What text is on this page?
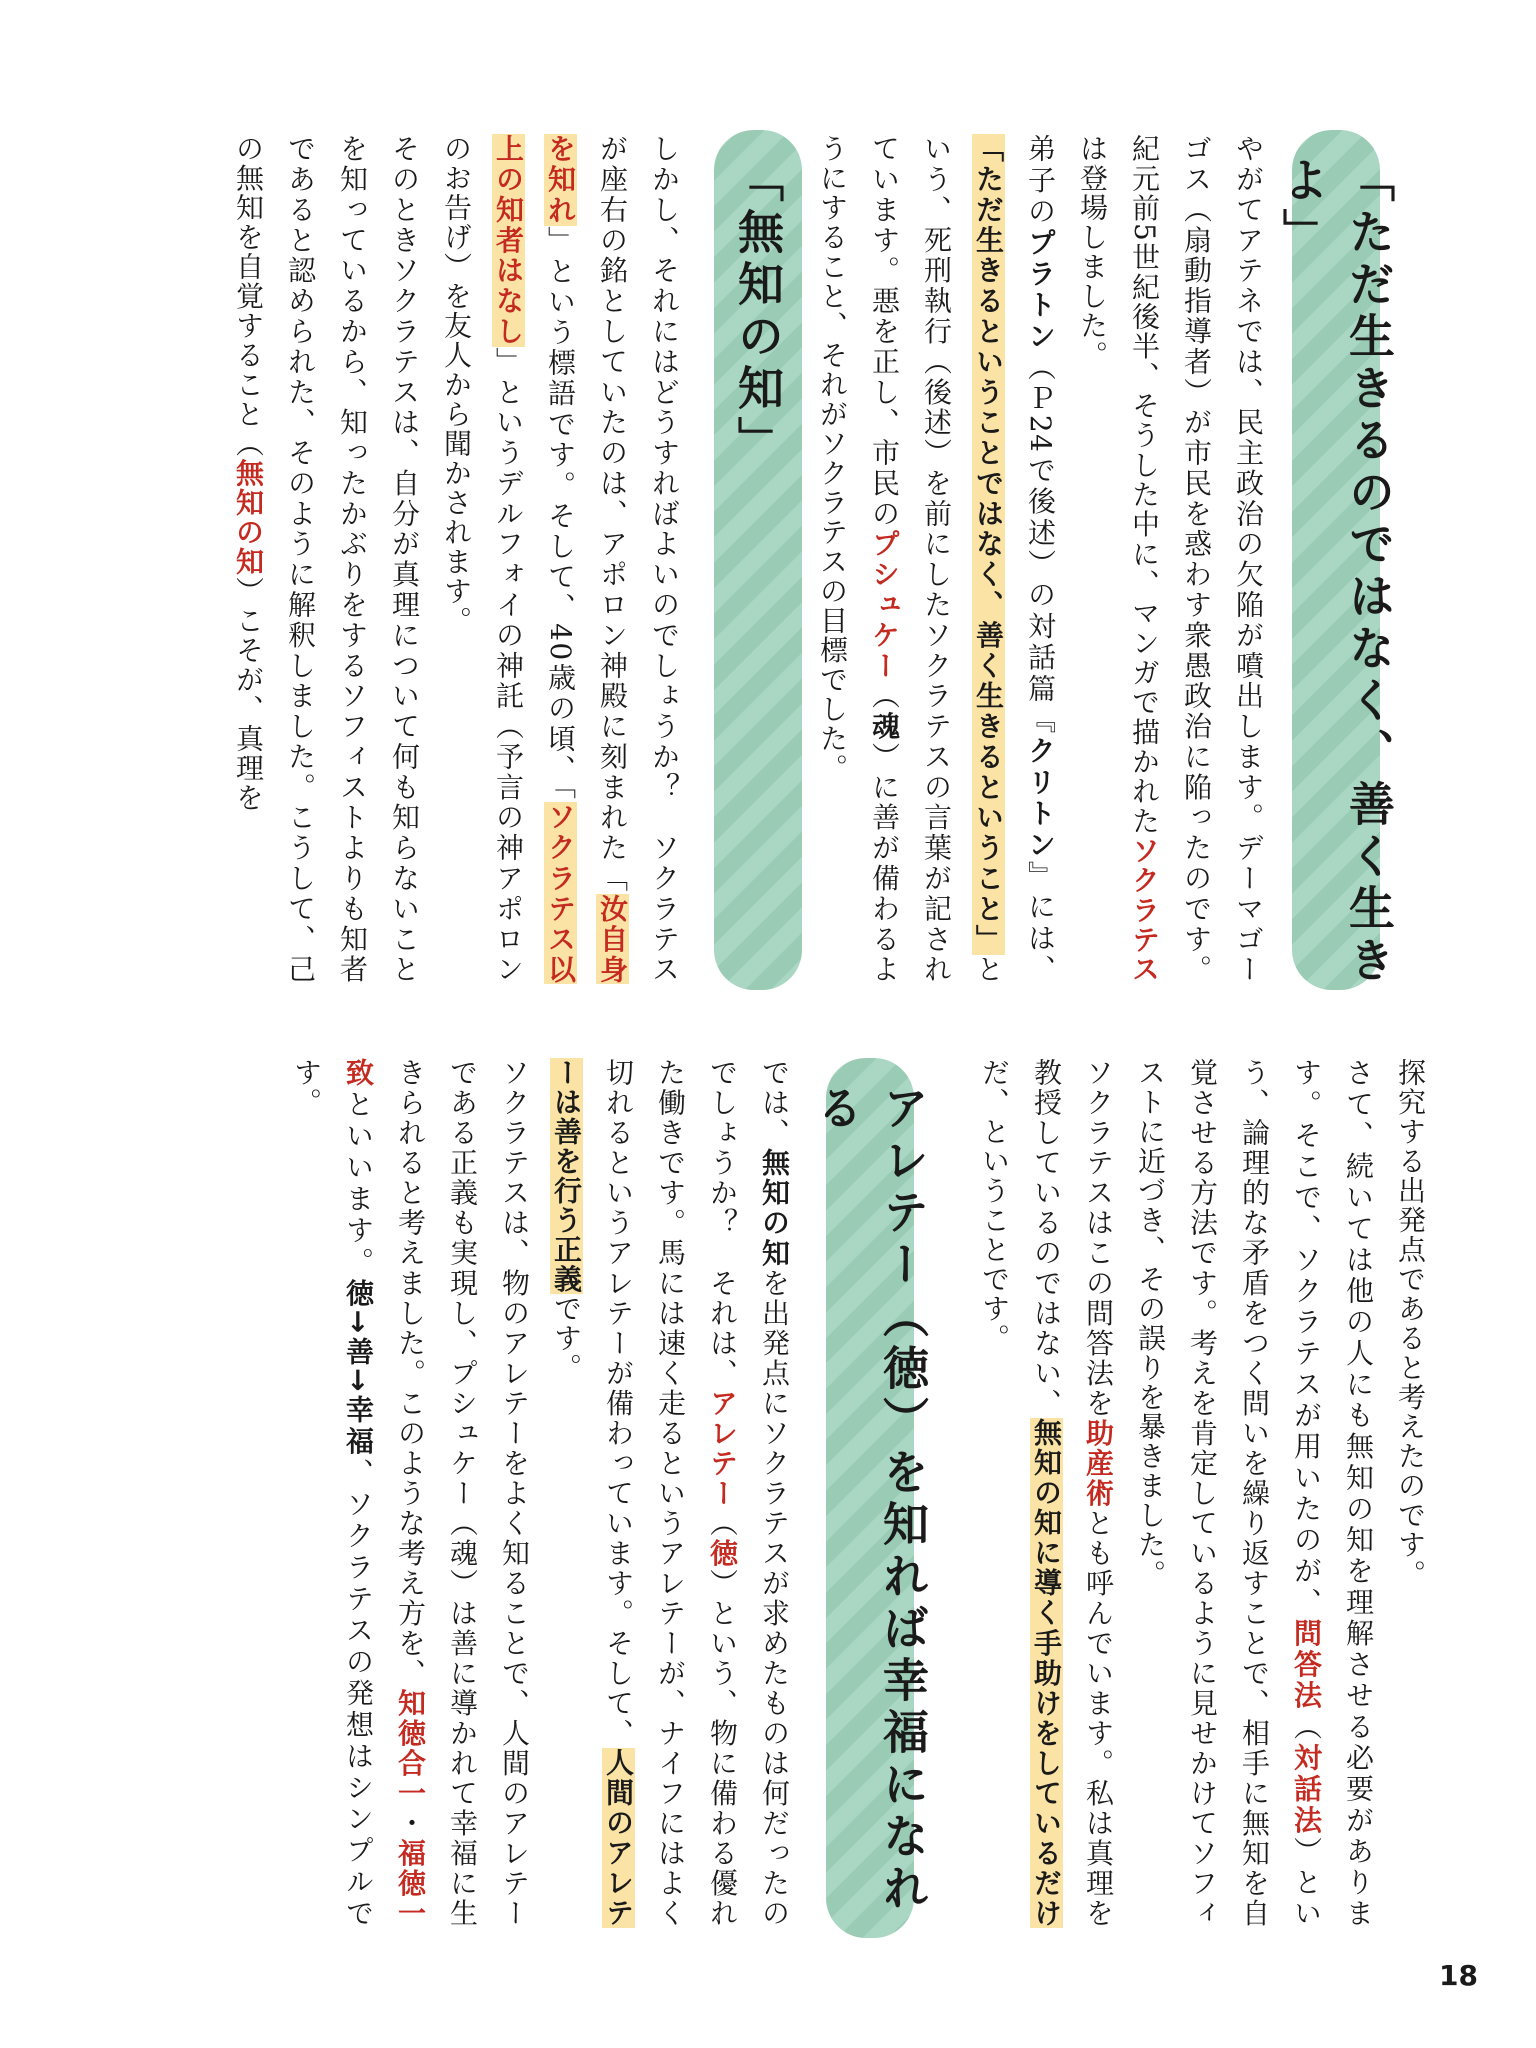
「ただ生きるのではなく、善く生きよ」

やがてアテネでは、民主政治の欠陥が噴出します。デーマゴーゴス（扇動指導者）が市民を惑わす衆愚政治に陥ったのです。紀元前5世紀後半、そうした中に、マンガで描かれたソクラテスは登場しました。

弟子のプラトン（Ｐ24で後述）の対話篇『クリトン』には、「ただ生きるということではなく、善く生きるということ」という、死刑執行（後述）を前にしたソクラテスの言葉が記されています。悪を正し、市民のプシュケー（魂）に善が備わるようにすること、それがソクラテスの目標でした。

「無知の知」

しかし、それにはどうすればよいのでしょうか？　ソクラテスが座右の銘としていたのは、アポロン神殿に刻まれた「汝自身を知れ」という標語です。そして、40歳の頃、「ソクラテス以上の知者はなし」というデルフォイの神託（予言の神アポロンのお告げ）を友人から聞かされます。

そのときソクラテスは、自分が真理について何も知らないことを知っているから、知ったかぶりをするソフィストよりも知者であると認められた、そのように解釈しました。こうして、己の無知を自覚すること（無知の知）こそが、真理を

探究する出発点であると考えたのです。

さて、続いては他の人にも無知の知を理解させる必要があります。そこで、ソクラテスが用いたのが、問答法（対話法）という、論理的な矛盾をつく問いを繰り返すことで、相手に無知を自覚させる方法です。考えを肯定しているように見せかけてソフィストに近づき、その誤りを暴きました。

ソクラテスはこの問答法を助産術とも呼んでいます。私は真理を教授しているのではない、無知の知に導く手助けをしているだけだ、ということです。

アレテー（徳）を知れば幸福になれる

では、無知の知を出発点にソクラテスが求めたものは何だったのでしょうか？　それは、アレテー（徳）という、物に備わる優れた働きです。馬には速く走るというアレテーが、ナイフにはよく切れるというアレテーが備わっています。そして、人間のアレテーは善を行う正義です。

ソクラテスは、物のアレテーをよく知ることで、人間のアレテーである正義も実現し、プシュケー（魂）は善に導かれて幸福に生きられると考えました。このような考え方を、知徳合一・福徳一致といいます。徳→善→幸福、ソクラテスの発想はシンプルです。

18
